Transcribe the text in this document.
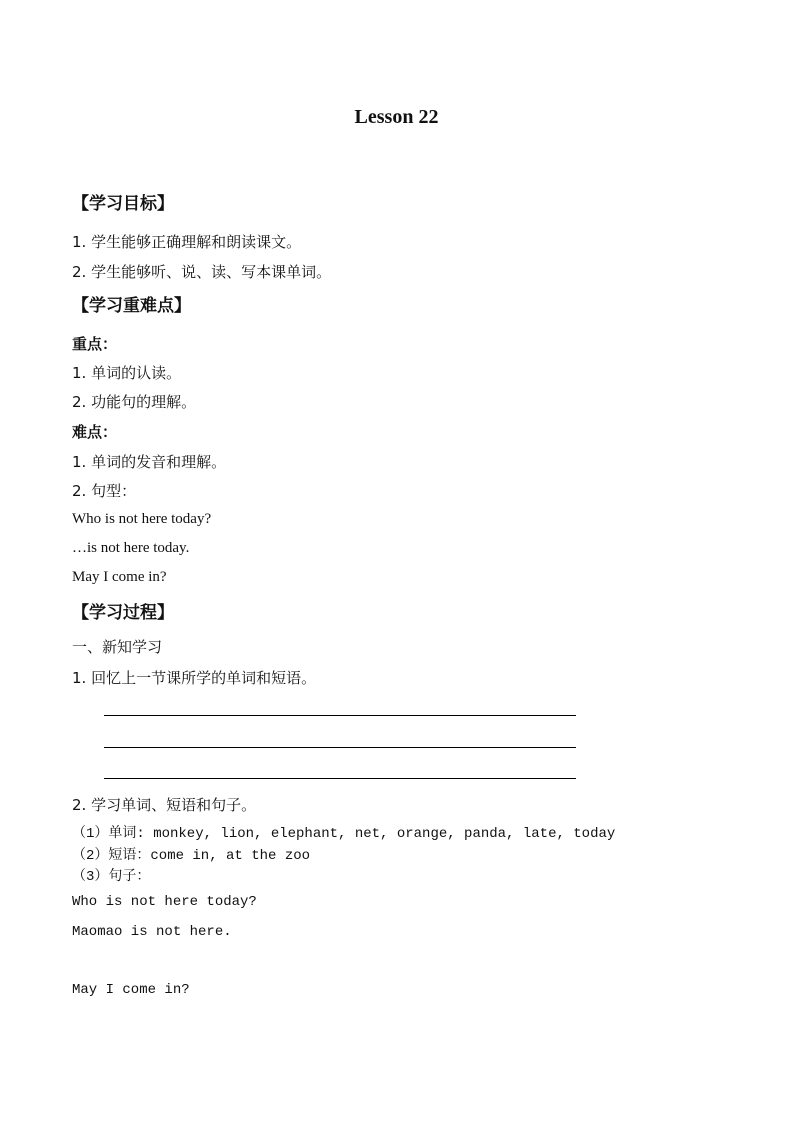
Lesson 22
【学习目标】
1. 学生能够正确理解和朗读课文。
2. 学生能够听、说、读、写本课单词。
【学习重难点】
重点：
1. 单词的认读。
2. 功能句的理解。
难点：
1. 单词的发音和理解。
2. 句型：
Who is not here today?
…is not here today.
May I come in?
【学习过程】
一、新知学习
1. 回忆上一节课所学的单词和短语。
2. 学习单词、短语和句子。
（1）单词: monkey, lion, elephant, net, orange, panda, late, today
（2）短语：come in, at the zoo
（3）句子：
Who is not here today?
Maomao is not here.
May I come in?
